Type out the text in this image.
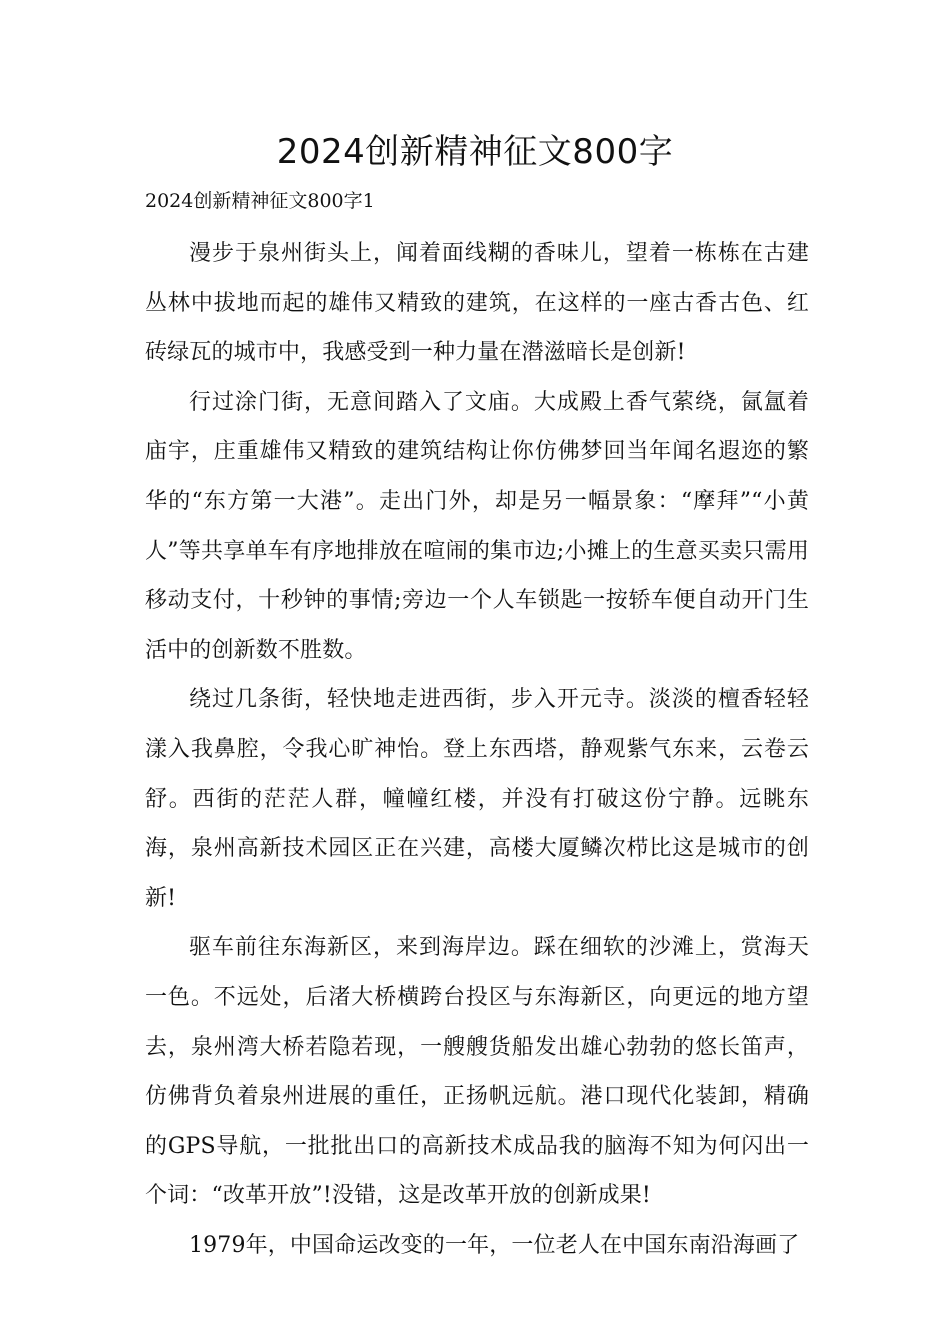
2024创新精神征文800字

2024创新精神征文800字1

漫步于泉州街头上，闻着面线糊的香味儿，望着一栋栋在古建丛林中拔地而起的雄伟又精致的建筑，在这样的一座古香古色、红砖绿瓦的城市中，我感受到一种力量在潜滋暗长是创新!

行过涂门街，无意间踏入了文庙。大成殿上香气萦绕，氤氲着庙宇，庄重雄伟又精致的建筑结构让你仿佛梦回当年闻名遐迩的繁华的“东方第一大港”。走出门外，却是另一幅景象：“摩拜”“小黄人”等共享单车有序地排放在喧闹的集市边;小摊上的生意买卖只需用移动支付，十秒钟的事情;旁边一个人车锁匙一按轿车便自动开门生活中的创新数不胜数。

绕过几条街，轻快地走进西街，步入开元寺。淡淡的檀香轻轻漾入我鼻腔，令我心旷神怡。登上东西塔，静观紫气东来，云卷云舒。西街的茫茫人群，幢幢红楼，并没有打破这份宁静。远眺东海，泉州高新技术园区正在兴建，高楼大厦鳞次栉比这是城市的创新!

驱车前往东海新区，来到海岸边。踩在细软的沙滩上，赏海天一色。不远处，后渚大桥横跨台投区与东海新区，向更远的地方望去，泉州湾大桥若隐若现，一艘艘货船发出雄心勃勃的悠长笛声，仿佛背负着泉州进展的重任，正扬帆远航。港口现代化装卸，精确的GPS导航，一批批出口的高新技术成品我的脑海不知为何闪出一个词：“改革开放”!没错，这是改革开放的创新成果!

1979年，中国命运改变的一年，一位老人在中国东南沿海画了
